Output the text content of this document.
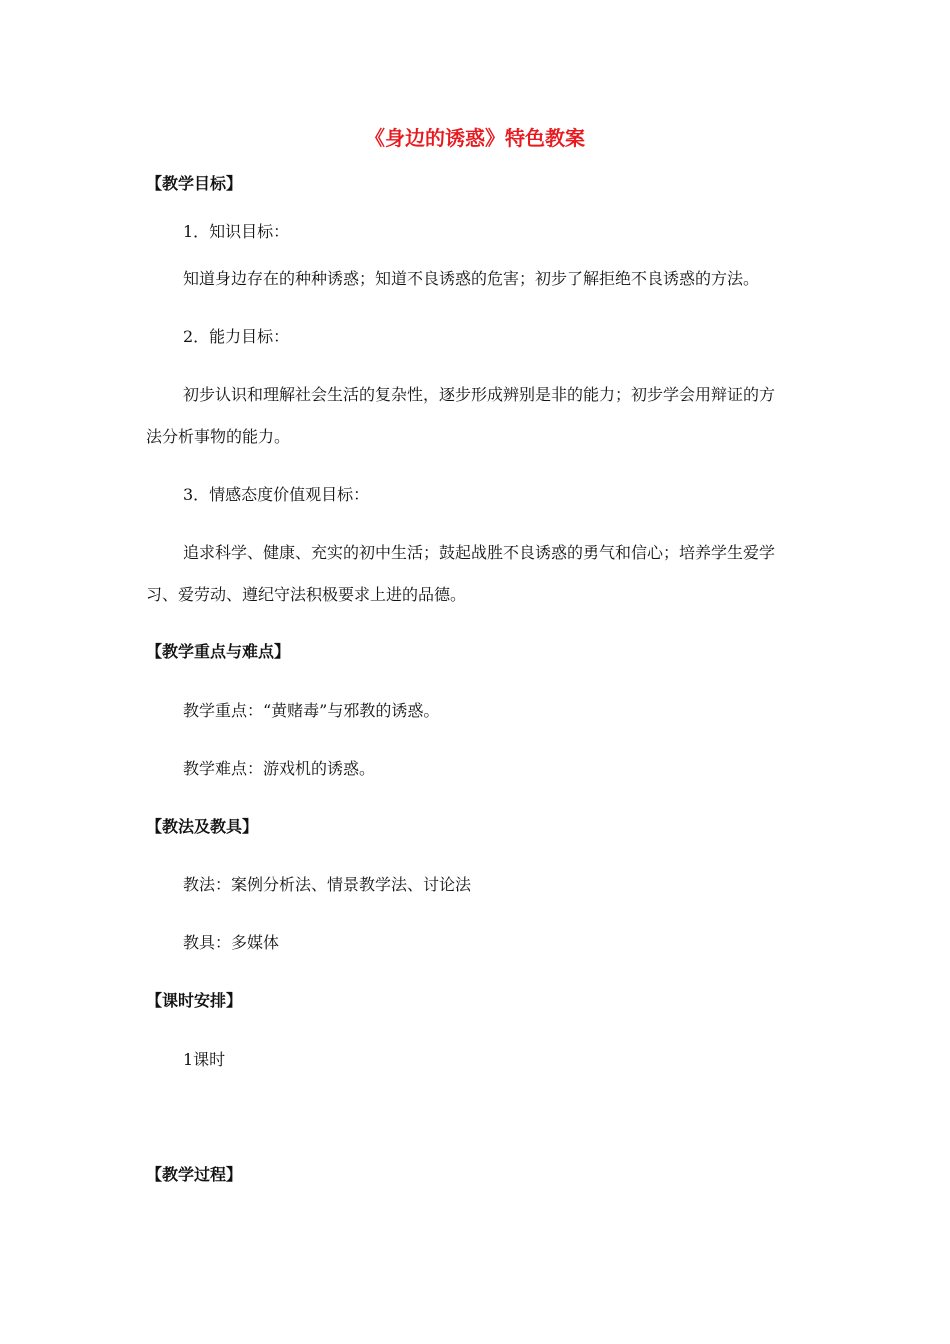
《身边的诱惑》特色教案
【教学目标】
1．知识目标：
知道身边存在的种种诱惑；知道不良诱惑的危害；初步了解拒绝不良诱惑的方法。
2．能力目标：
初步认识和理解社会生活的复杂性，逐步形成辨别是非的能力；初步学会用辩证的方
法分析事物的能力。
3．情感态度价值观目标：
追求科学、健康、充实的初中生活；鼓起战胜不良诱惑的勇气和信心；培养学生爱学
习、爱劳动、遵纪守法积极要求上进的品德。
【教学重点与难点】
教学重点：“黄赌毒”与邪教的诱惑。
教学难点：游戏机的诱惑。
【教法及教具】
教法：案例分析法、情景教学法、讨论法
教具：多媒体
【课时安排】
1课时
【教学过程】
